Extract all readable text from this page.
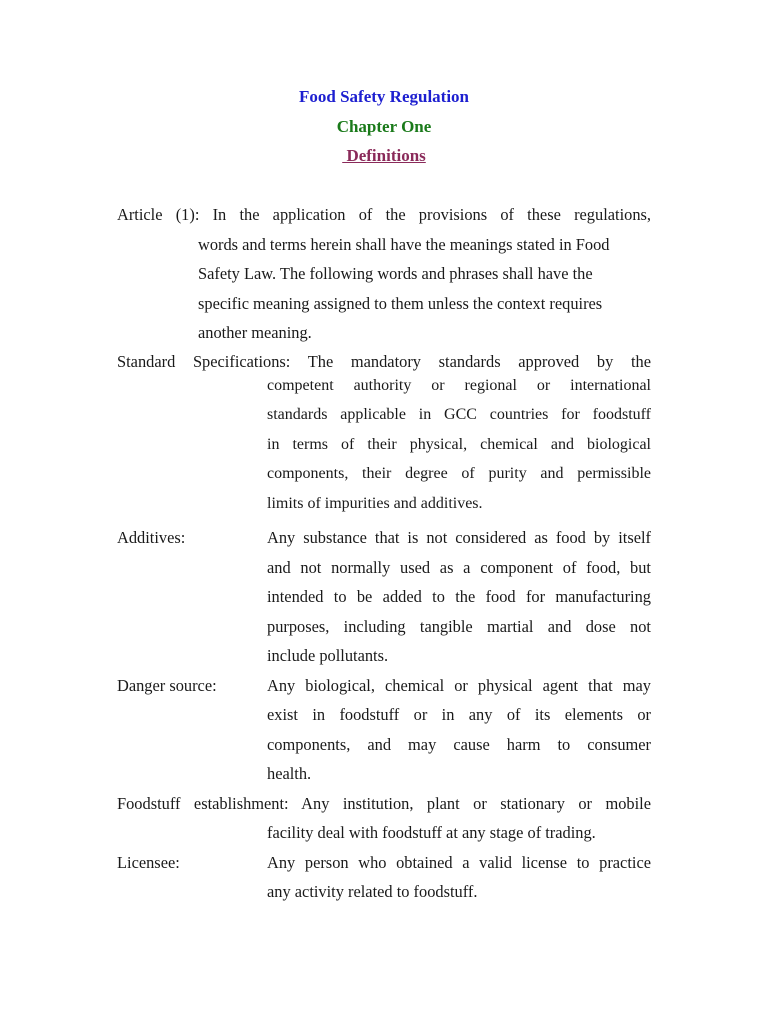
Food Safety Regulation
Chapter One
Definitions
Article (1): In the application of the provisions of these regulations,
words and terms herein shall have the meanings stated in Food
Safety Law. The following words and phrases shall have the
specific meaning assigned to them unless the context requires
another meaning.
Standard Specifications: The mandatory standards approved by the
competent authority or regional or international
standards applicable in GCC countries for foodstuff
in terms of their physical, chemical and biological
components, their degree of purity and permissible
limits of impurities and additives.
Additives:	Any substance that is not considered as food by itself
and not normally used as a component of food, but
intended to be added to the food for manufacturing
purposes, including tangible martial and dose not
include pollutants.
Danger source:	Any biological, chemical or physical agent that may
exist in foodstuff or in any of its elements or
components, and may cause harm to consumer
health.
Foodstuff establishment: Any institution, plant or stationary or mobile
facility deal with foodstuff at any stage of trading.
Licensee:	Any person who obtained a valid license to practice
any activity related to foodstuff.
